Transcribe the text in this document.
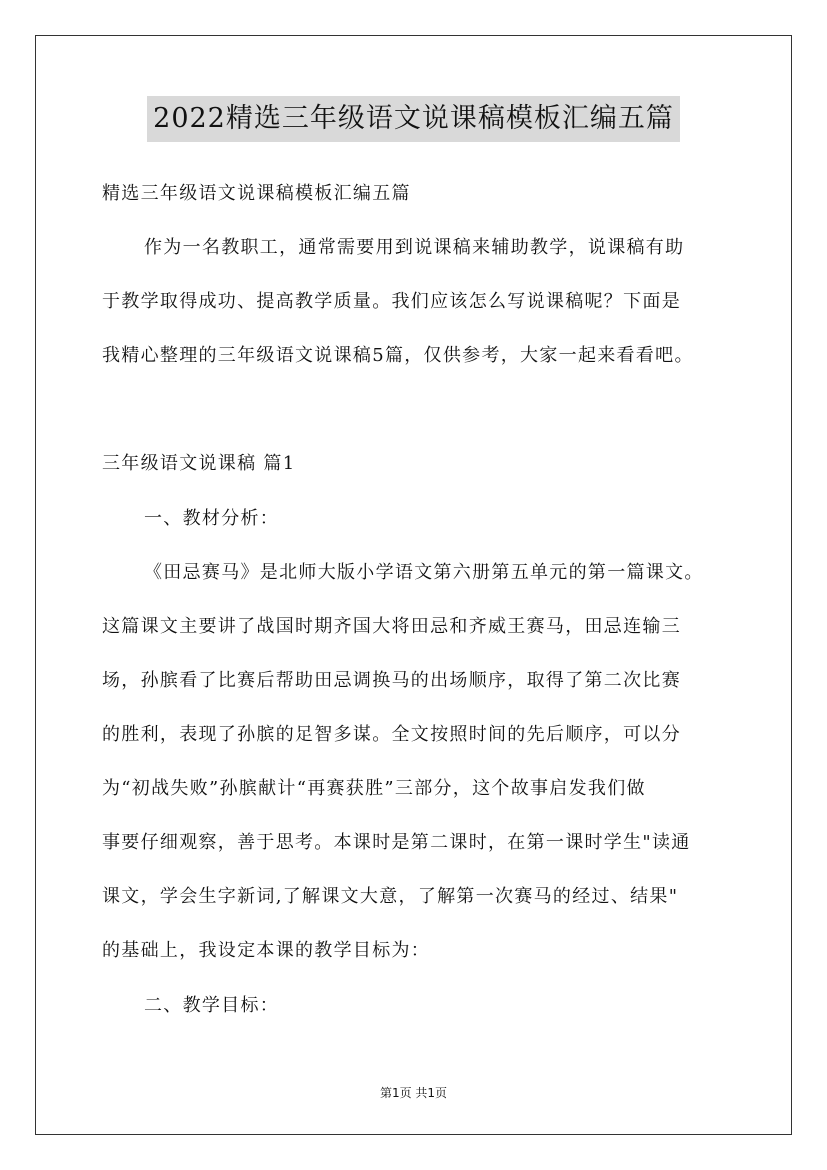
2022精选三年级语文说课稿模板汇编五篇
精选三年级语文说课稿模板汇编五篇
作为一名教职工，通常需要用到说课稿来辅助教学，说课稿有助
于教学取得成功、提高教学质量。我们应该怎么写说课稿呢？下面是
我精心整理的三年级语文说课稿5篇，仅供参考，大家一起来看看吧。
三年级语文说课稿 篇1
一、教材分析：
《田忌赛马》是北师大版小学语文第六册第五单元的第一篇课文。
这篇课文主要讲了战国时期齐国大将田忌和齐威王赛马，田忌连输三
场，孙膑看了比赛后帮助田忌调换马的出场顺序，取得了第二次比赛
的胜利，表现了孙膑的足智多谋。全文按照时间的先后顺序，可以分
为“初战失败”孙膑献计“再赛获胜”三部分，这个故事启发我们做
事要仔细观察，善于思考。本课时是第二课时，在第一课时学生"读通
课文，学会生字新词,了解课文大意，了解第一次赛马的经过、结果"
的基础上，我设定本课的教学目标为：
二、教学目标：
第1页 共1页
